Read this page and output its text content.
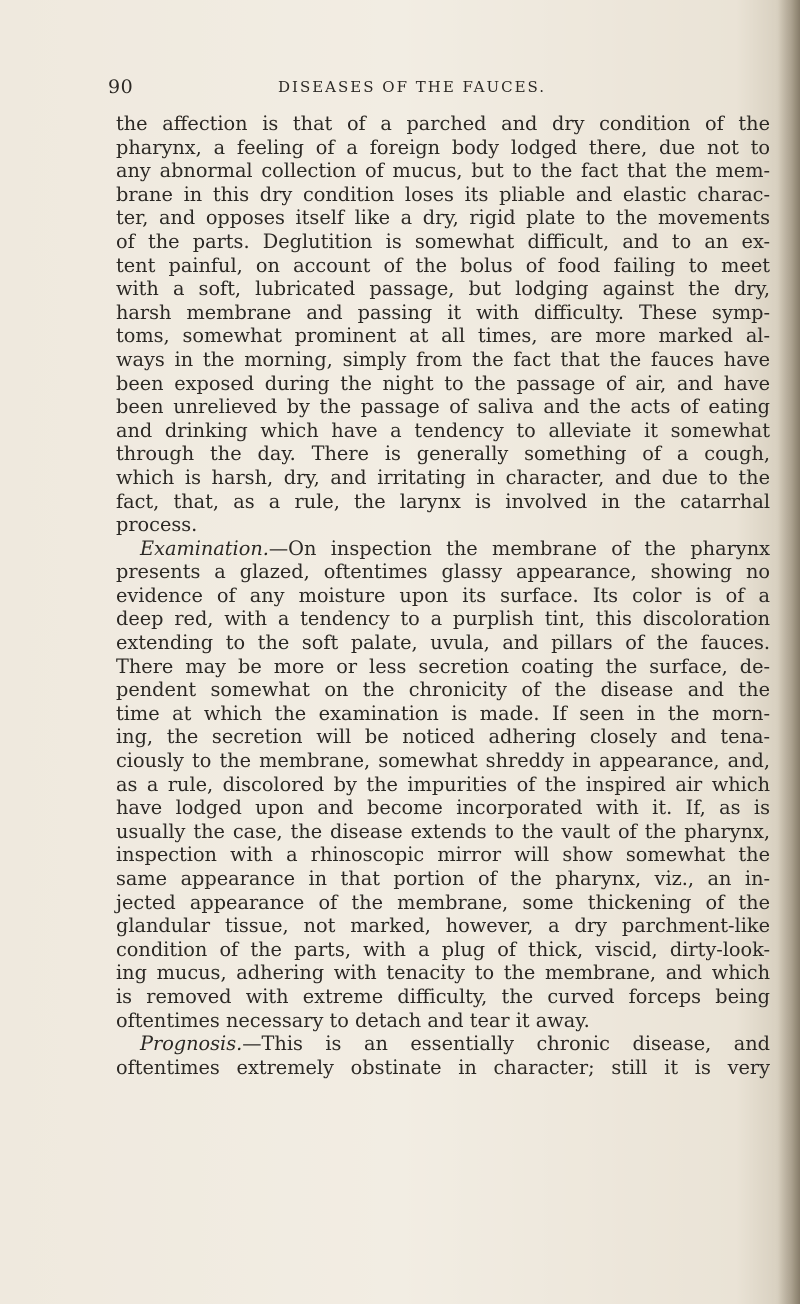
90	DISEASES OF THE FAUCES.
the affection is that of a parched and dry condition of the
pharynx, a feeling of a foreign body lodged there, due not to
any abnormal collection of mucus, but to the fact that the mem-
brane in this dry condition loses its pliable and elastic charac-
ter, and opposes itself like a dry, rigid plate to the movements
of the parts. Deglutition is somewhat difficult, and to an ex-
tent painful, on account of the bolus of food failing to meet
with a soft, lubricated passage, but lodging against the dry,
harsh membrane and passing it with difficulty. These symp-
toms, somewhat prominent at all times, are more marked al-
ways in the morning, simply from the fact that the fauces have
been exposed during the night to the passage of air, and have
been unrelieved by the passage of saliva and the acts of eating
and drinking which have a tendency to alleviate it somewhat
through the day. There is generally something of a cough,
which is harsh, dry, and irritating in character, and due to the
fact, that, as a rule, the larynx is involved in the catarrhal
process.
Examination.—On inspection the membrane of the pharynx
presents a glazed, oftentimes glassy appearance, showing no
evidence of any moisture upon its surface. Its color is of a
deep red, with a tendency to a purplish tint, this discoloration
extending to the soft palate, uvula, and pillars of the fauces.
There may be more or less secretion coating the surface, de-
pendent somewhat on the chronicity of the disease and the
time at which the examination is made. If seen in the morn-
ing, the secretion will be noticed adhering closely and tena-
ciously to the membrane, somewhat shreddy in appearance, and,
as a rule, discolored by the impurities of the inspired air which
have lodged upon and become incorporated with it. If, as is
usually the case, the disease extends to the vault of the pharynx,
inspection with a rhinoscopic mirror will show somewhat the
same appearance in that portion of the pharynx, viz., an in-
jected appearance of the membrane, some thickening of the
glandular tissue, not marked, however, a dry parchment-like
condition of the parts, with a plug of thick, viscid, dirty-look-
ing mucus, adhering with tenacity to the membrane, and which
is removed with extreme difficulty, the curved forceps being
oftentimes necessary to detach and tear it away.
Prognosis.—This is an essentially chronic disease, and
oftentimes extremely obstinate in character; still it is very
